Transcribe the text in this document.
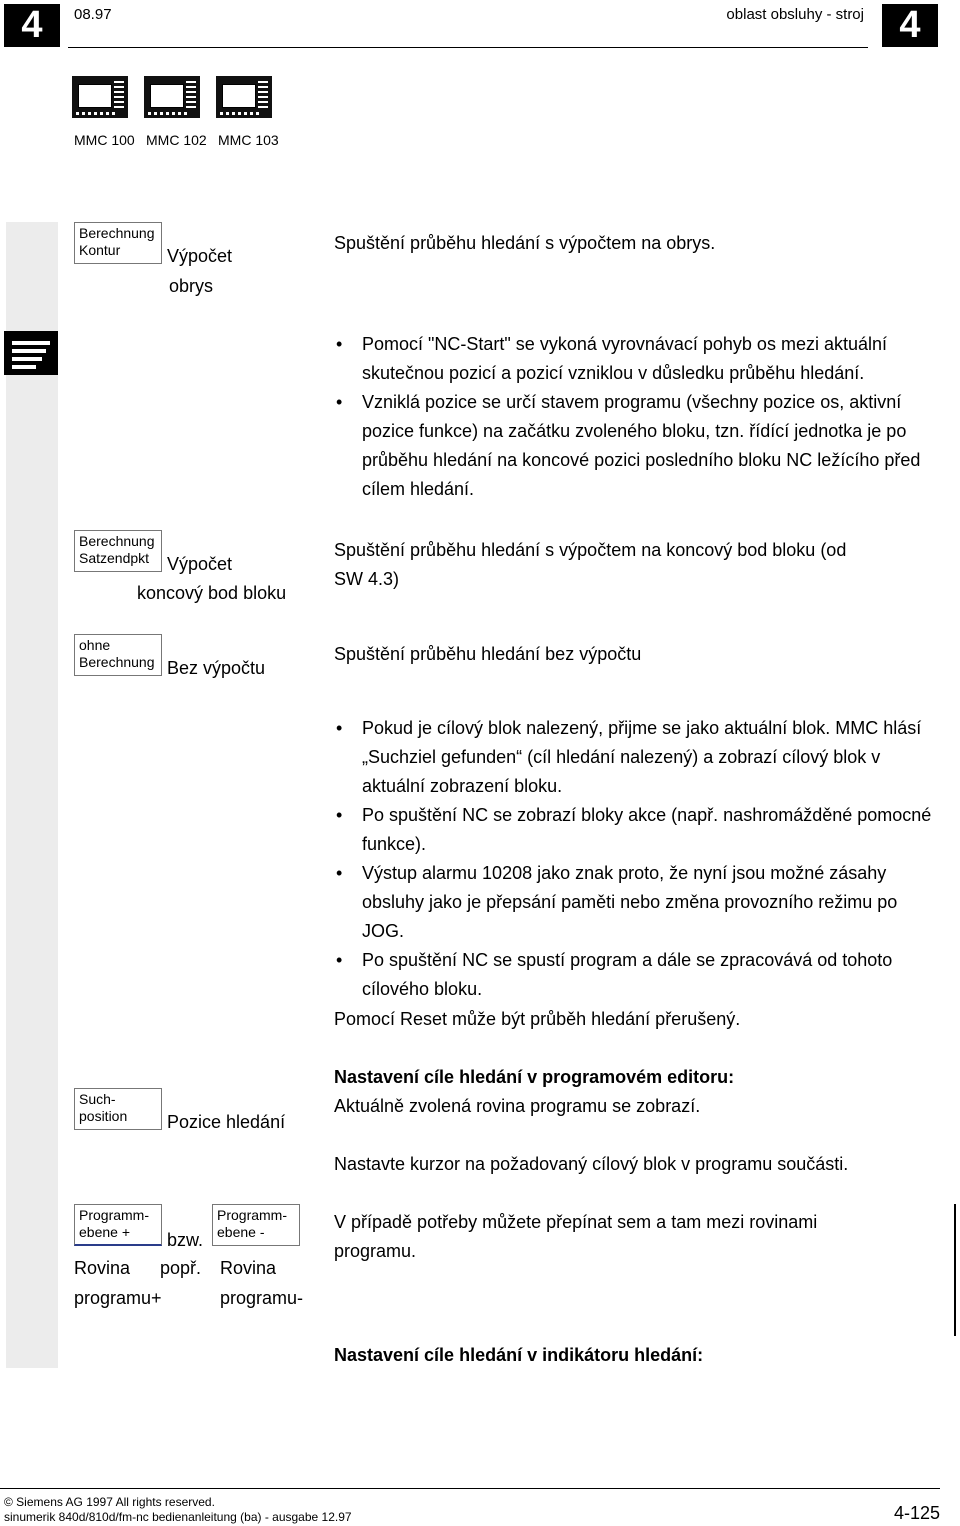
4	4
08.97	oblast obsluhy - stroj
MMC 100 MMC 102 MMC 103
Berechnung
Kontur	Výpočet
obrys
Spuštění průběhu hledání s výpočtem na obrys.
• Pomocí "NC-Start" se vykoná vyrovnávací pohyb os mezi aktuální skutečnou pozicí a pozicí vzniklou v důsledku průběhu hledání.
• Vzniklá pozice se určí stavem programu (všechny pozice os, aktivní pozice funkce) na začátku zvoleného bloku, tzn. řídící jednotka je po průběhu hledání na koncové pozici posledního bloku NC ležícího před cílem hledání.
Berechnung
Satzendpkt Výpočet
koncový bod bloku
Spuštění průběhu hledání s výpočtem na koncový bod bloku (od
SW 4.3)
ohne
Berechnung Bez výpočtu
Spuštění průběhu hledání bez výpočtu
• Pokud je cílový blok nalezený, přijme se jako aktuální blok. MMC hlásí „Suchziel gefunden“ (cíl hledání nalezený) a zobrazí cílový blok v aktuální zobrazení bloku.
• Po spuštění NC se zobrazí bloky akce (např. nashromážděné pomocné funkce).
• Výstup alarmu 10208 jako znak proto, že nyní jsou možné zásahy obsluhy jako je přepsání paměti nebo změna provozního režimu po JOG.
• Po spuštění NC se spustí program a dále se zpracovává od tohoto cílového bloku.
Pomocí Reset může být průběh hledání přerušený.
Such-
position	Pozice hledání
Nastavení cíle hledání v programovém editoru:
Aktuálně zvolená rovina programu se zobrazí.
Nastavte kurzor na požadovaný cílový blok v programu součásti.
Programm-
ebene +	bzw.
Programm-
ebene -
Rovina popř. Rovina
programu+	programu-
V případě potřeby můžete přepínat sem a tam mezi rovinami
programu.
Nastavení cíle hledání v indikátoru hledání:
© Siemens AG 1997 All rights reserved.
sinumerik 840d/810d/fm-nc bedienanleitung (ba) - ausgabe 12.97	4-125
